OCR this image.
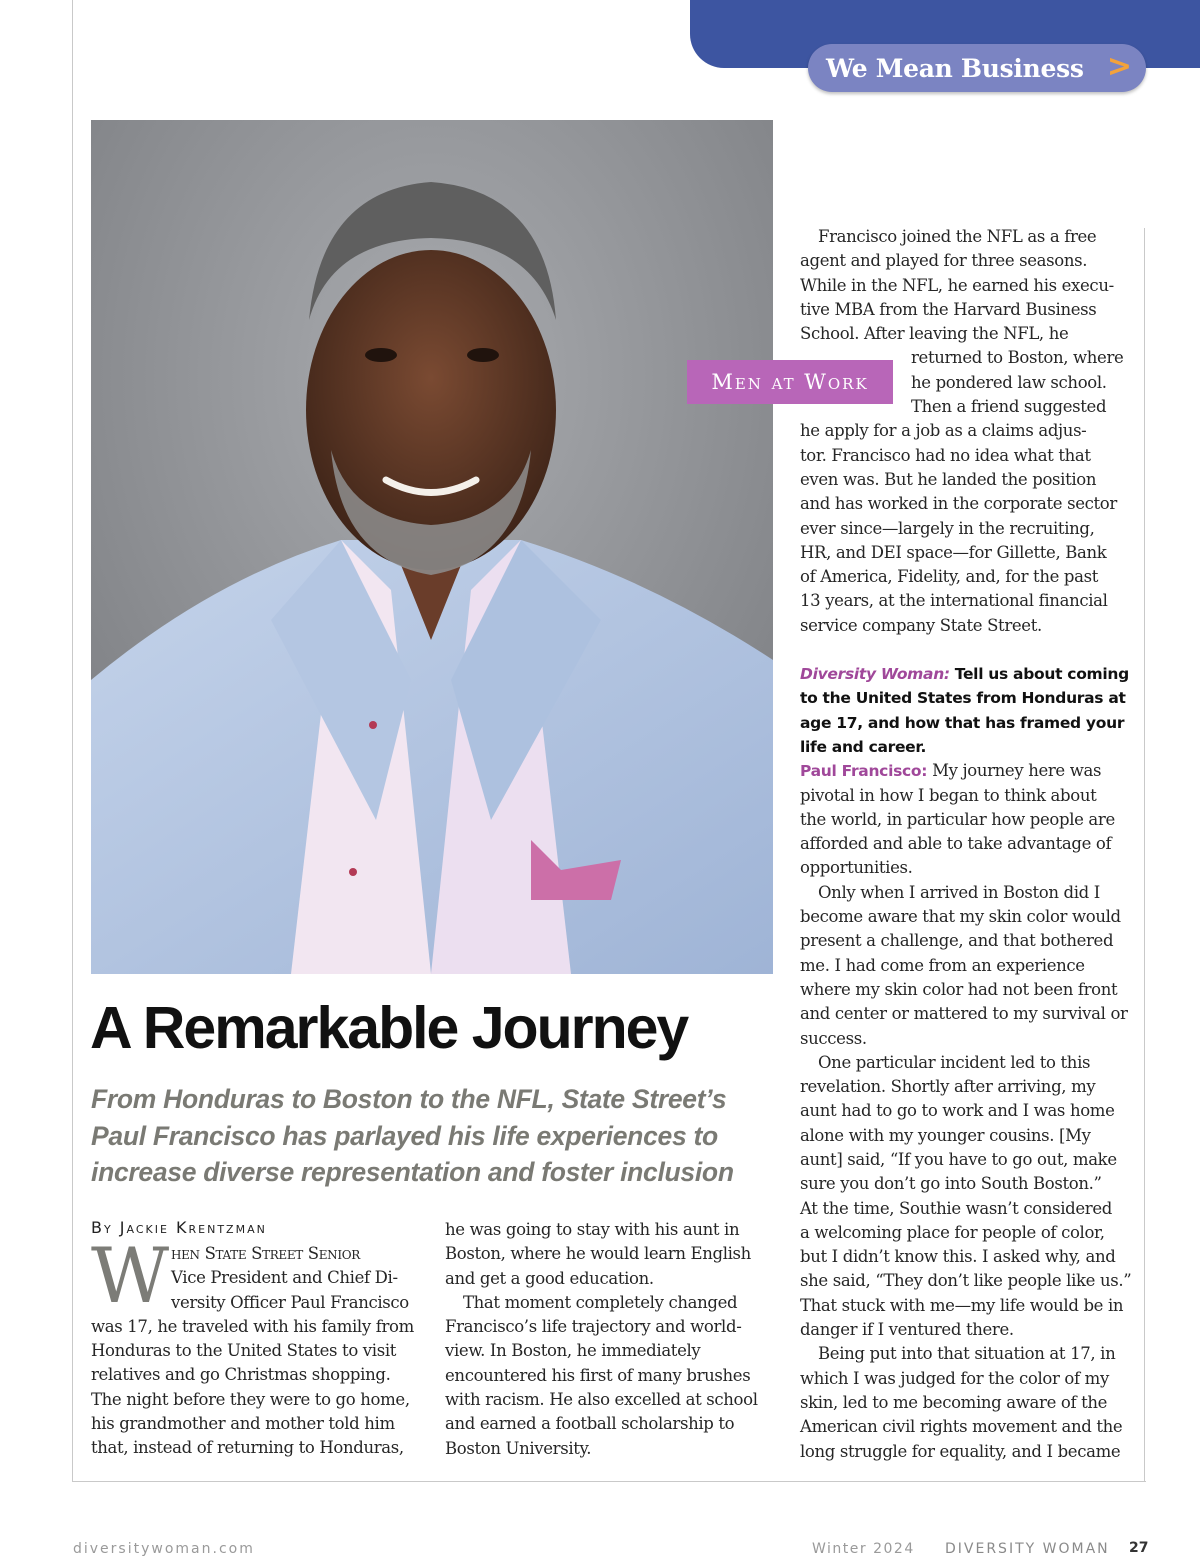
We Mean Business >
Men at Work
A Remarkable Journey
From Honduras to Boston to the NFL, State Street’s
Paul Francisco has parlayed his life experiences to
increase diverse representation and foster inclusion
By Jackie Krentzman
W hen State Street Senior
Vice President and Chief Di-
versity Officer Paul Francisco
was 17, he traveled with his family from
Honduras to the United States to visit
relatives and go Christmas shopping.
The night before they were to go home,
his grandmother and mother told him
that, instead of returning to Honduras,
he was going to stay with his aunt in
Boston, where he would learn English
and get a good education.
That moment completely changed
Francisco’s life trajectory and world-
view. In Boston, he immediately
encountered his first of many brushes
with racism. He also excelled at school
and earned a football scholarship to
Boston University.
Francisco joined the NFL as a free
agent and played for three seasons.
While in the NFL, he earned his execu-
tive MBA from the Harvard Business
School. After leaving the NFL, he
returned to Boston, where
he pondered law school.
Then a friend suggested
he apply for a job as a claims adjus-
tor. Francisco had no idea what that
even was. But he landed the position
and has worked in the corporate sector
ever since—largely in the recruiting,
HR, and DEI space—for Gillette, Bank
of America, Fidelity, and, for the past
13 years, at the international financial
service company State Street.
Diversity Woman: Tell us about coming
to the United States from Honduras at
age 17, and how that has framed your
life and career.
Paul Francisco: My journey here was
pivotal in how I began to think about
the world, in particular how people are
afforded and able to take advantage of
opportunities.
Only when I arrived in Boston did I
become aware that my skin color would
present a challenge, and that bothered
me. I had come from an experience
where my skin color had not been front
and center or mattered to my survival or
success.
One particular incident led to this
revelation. Shortly after arriving, my
aunt had to go to work and I was home
alone with my younger cousins. [My
aunt] said, “If you have to go out, make
sure you don’t go into South Boston.”
At the time, Southie wasn’t considered
a welcoming place for people of color,
but I didn’t know this. I asked why, and
she said, “They don’t like people like us.”
That stuck with me—my life would be in
danger if I ventured there.
Being put into that situation at 17, in
which I was judged for the color of my
skin, led to me becoming aware of the
American civil rights movement and the
long struggle for equality, and I became
diversitywoman.com	Winter 2024 DIVERSITY WOMAN 27
